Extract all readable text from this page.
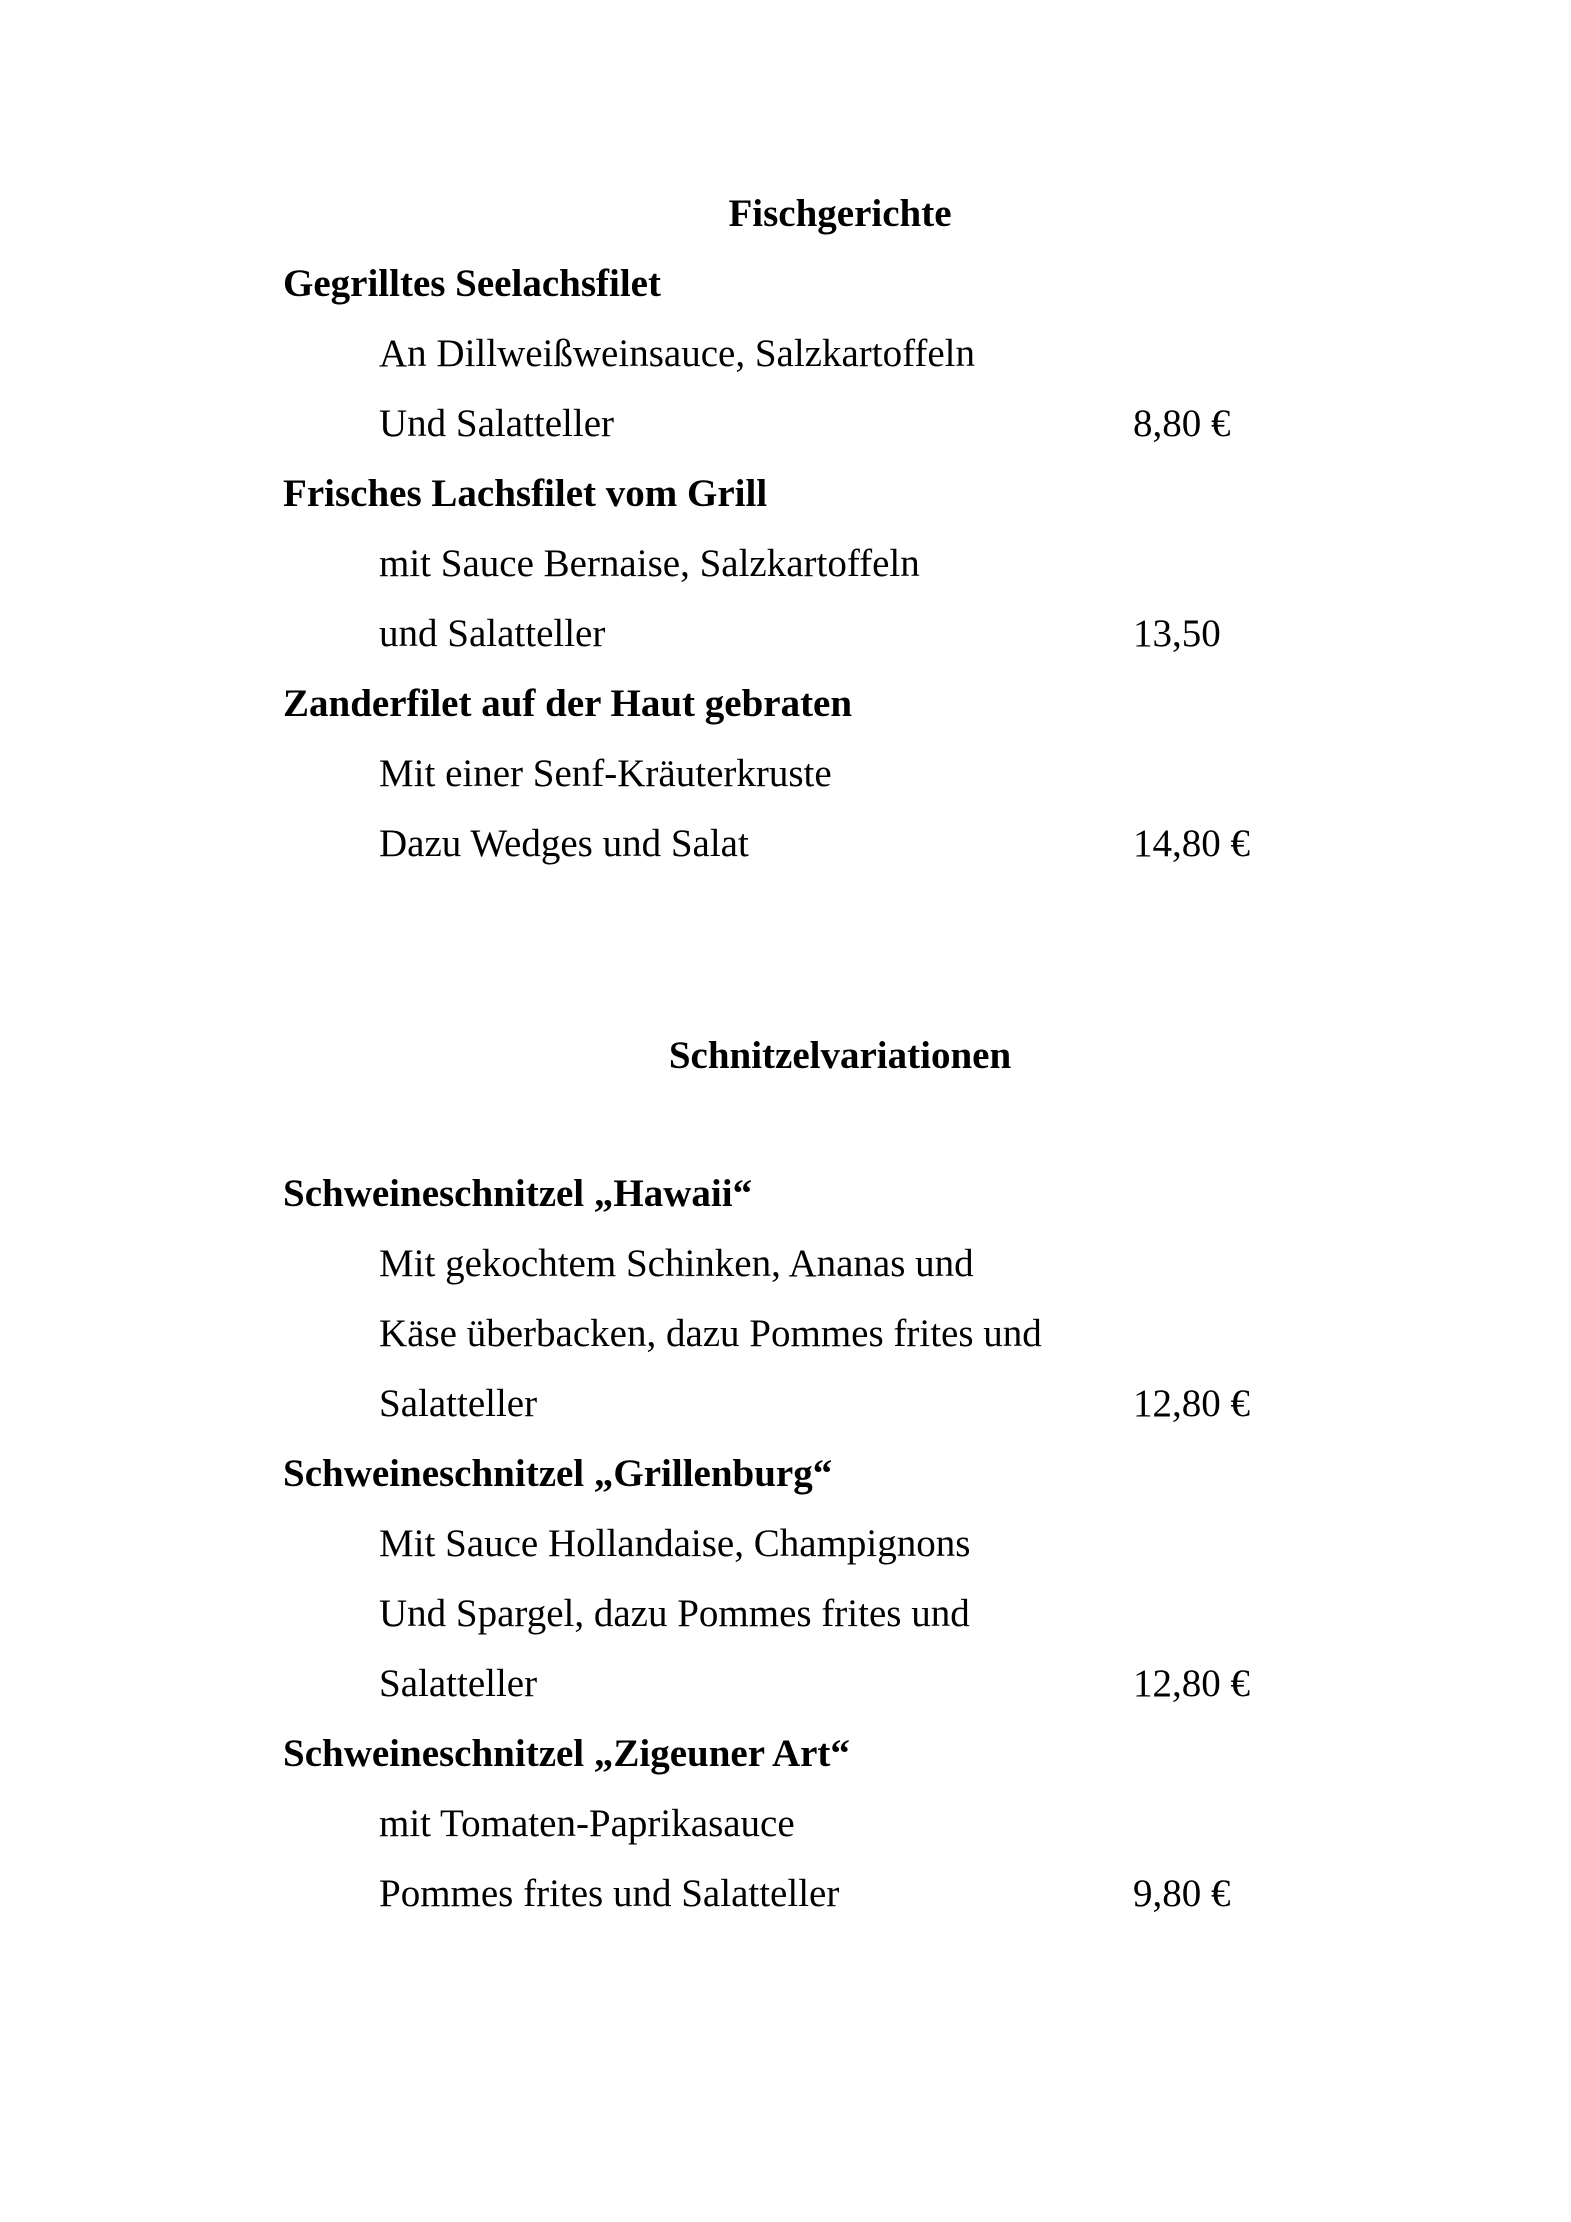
Fischgerichte
Gegrilltes Seelachsfilet
An Dillweißweinsauce, Salzkartoffeln
Und Salatteller	8,80 €
Frisches Lachsfilet vom Grill
mit Sauce Bernaise, Salzkartoffeln
und Salatteller	13,50
Zanderfilet auf der Haut gebraten
Mit einer Senf-Kräuterkruste
Dazu Wedges und Salat	14,80 €
Schnitzelvariationen
Schweineschnitzel „Hawaii“
Mit gekochtem Schinken, Ananas und
Käse überbacken, dazu Pommes frites und
Salatteller	12,80 €
Schweineschnitzel „Grillenburg“
Mit Sauce Hollandaise, Champignons
Und Spargel, dazu Pommes frites und
Salatteller	12,80 €
Schweineschnitzel „Zigeuner Art“
mit Tomaten-Paprikasauce
Pommes frites und Salatteller	9,80 €
